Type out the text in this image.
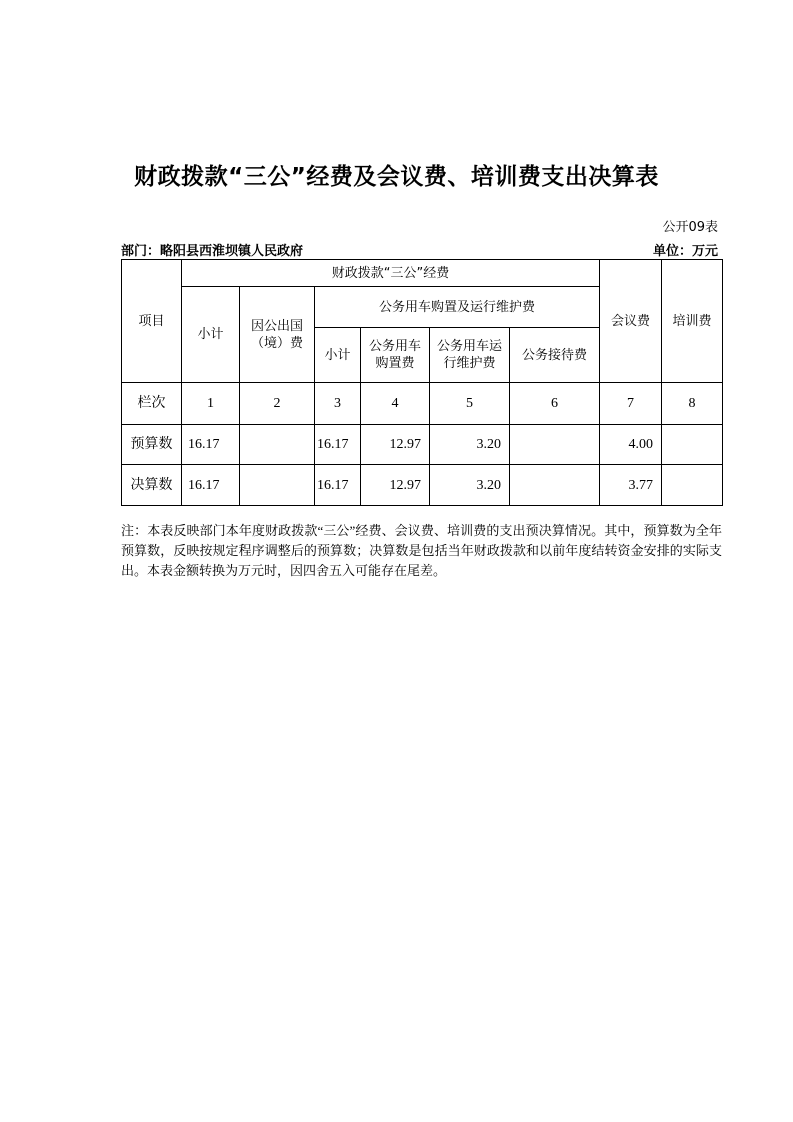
财政拨款“三公”经费及会议费、培训费支出决算表
公开09表
部门：略阳县西淮坝镇人民政府	单位：万元
项目	财政拨款“三公”经费						会议费	培训费
	小计	因公出国（境）费	公务用车购置及运行维护费					
			小计	公务用车购置费	公务用车运行维护费	公务接待费		
栏次	1	2	3	4	5	6	7	8
预算数	16.17		16.17	12.97	3.20		4.00	
决算数	16.17		16.17	12.97	3.20		3.77	
注：本表反映部门本年度财政拨款“三公”经费、会议费、培训费的支出预决算情况。其中，预算数为全年预算数，反映按规定程序调整后的预算数；决算数是包括当年财政拨款和以前年度结转资金安排的实际支出。本表金额转换为万元时，因四舍五入可能存在尾差。
